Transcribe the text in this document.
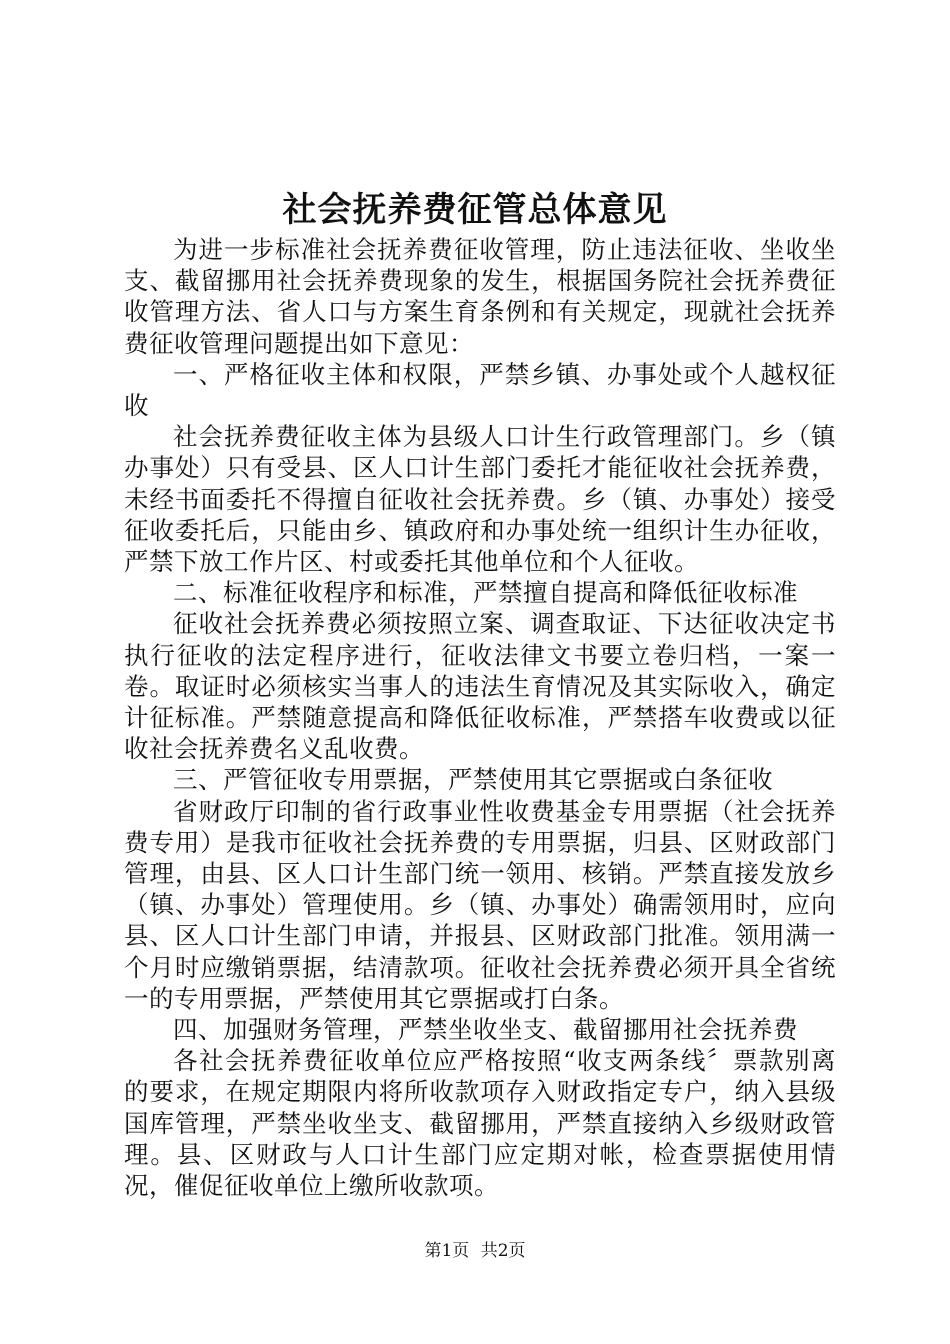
社会抚养费征管总体意见

为进一步标准社会抚养费征收管理，防止违法征收、坐收坐支、截留挪用社会抚养费现象的发生，根据国务院社会抚养费征收管理方法、省人口与方案生育条例和有关规定，现就社会抚养费征收管理问题提出如下意见：

一、严格征收主体和权限，严禁乡镇、办事处或个人越权征收

社会抚养费征收主体为县级人口计生行政管理部门。乡（镇办事处）只有受县、区人口计生部门委托才能征收社会抚养费，未经书面委托不得擅自征收社会抚养费。乡（镇、办事处）接受征收委托后，只能由乡、镇政府和办事处统一组织计生办征收，严禁下放工作片区、村或委托其他单位和个人征收。

二、标准征收程序和标准，严禁擅自提高和降低征收标准

征收社会抚养费必须按照立案、调查取证、下达征收决定书执行征收的法定程序进行，征收法律文书要立卷归档，一案一卷。取证时必须核实当事人的违法生育情况及其实际收入，确定计征标准。严禁随意提高和降低征收标准，严禁搭车收费或以征收社会抚养费名义乱收费。

三、严管征收专用票据，严禁使用其它票据或白条征收

省财政厅印制的省行政事业性收费基金专用票据（社会抚养费专用）是我市征收社会抚养费的专用票据，归县、区财政部门管理，由县、区人口计生部门统一领用、核销。严禁直接发放乡（镇、办事处）管理使用。乡（镇、办事处）确需领用时，应向县、区人口计生部门申请，并报县、区财政部门批准。领用满一个月时应缴销票据，结清款项。征收社会抚养费必须开具全省统一的专用票据，严禁使用其它票据或打白条。

四、加强财务管理，严禁坐收坐支、截留挪用社会抚养费

各社会抚养费征收单位应严格按照“收支两条线〞票款别离的要求，在规定期限内将所收款项存入财政指定专户，纳入县级国库管理，严禁坐收坐支、截留挪用，严禁直接纳入乡级财政管理。县、区财政与人口计生部门应定期对帐，检查票据使用情况，催促征收单位上缴所收款项。

第1页 共2页
